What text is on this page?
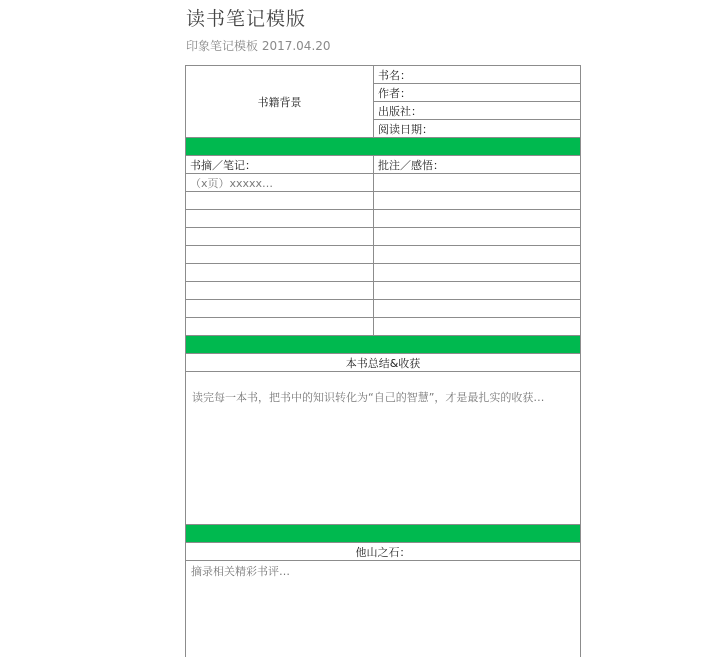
读书笔记模版

印象笔记模板 2017.04.20

书籍背景	书名：
	作者：
	出版社：
	阅读日期：

书摘／笔记：	批注／感悟：
（x页）xxxxx…	

本书总结&收获	
读完每一本书，把书中的知识转化为“自己的智慧”，才是最扎实的收获…	

他山之石：	
摘录相关精彩书评…	
